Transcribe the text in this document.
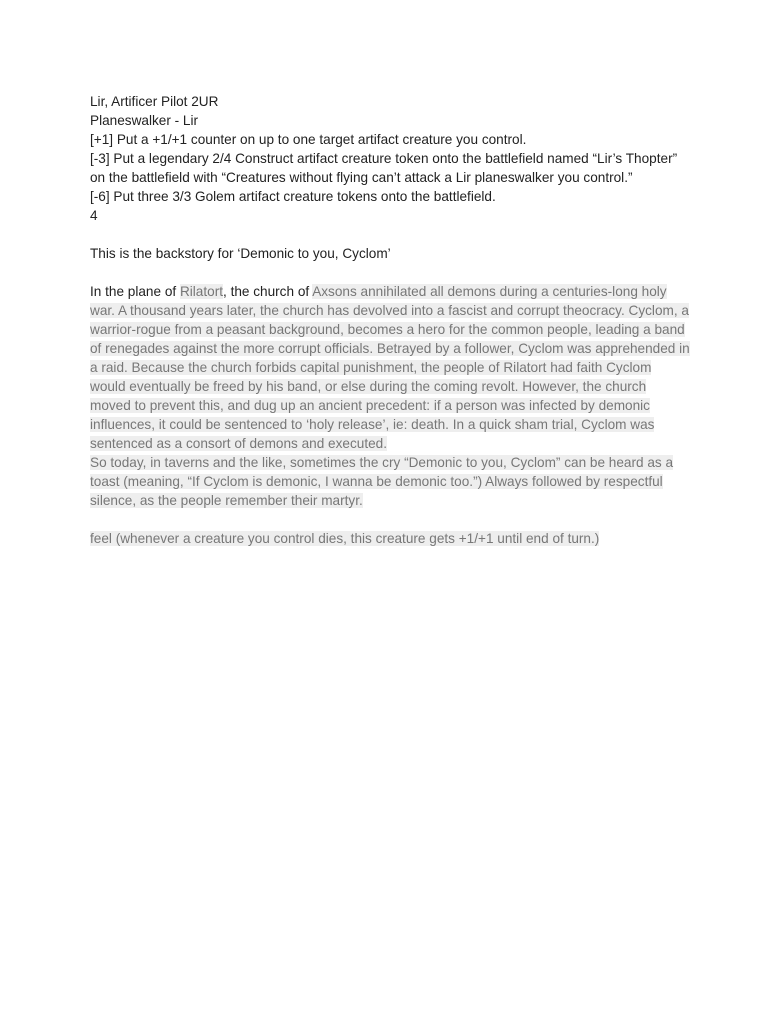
Lir, Artificer Pilot 2UR
Planeswalker - Lir
[+1] Put a +1/+1 counter on up to one target artifact creature you control.
[-3] Put a legendary 2/4 Construct artifact creature token onto the battlefield named “Lir’s Thopter” on the battlefield with “Creatures without flying can’t attack a Lir planeswalker you control.”
[-6] Put three 3/3 Golem artifact creature tokens onto the battlefield.
4
This is the backstory for ‘Demonic to you, Cyclom’
In the plane of Rilatort, the church of Axsons annihilated all demons during a centuries-long holy war. A thousand years later, the church has devolved into a fascist and corrupt theocracy. Cyclom, a warrior-rogue from a peasant background, becomes a hero for the common people, leading a band of renegades against the more corrupt officials. Betrayed by a follower, Cyclom was apprehended in a raid. Because the church forbids capital punishment, the people of Rilatort had faith Cyclom would eventually be freed by his band, or else during the coming revolt. However, the church moved to prevent this, and dug up an ancient precedent: if a person was infected by demonic influences, it could be sentenced to ‘holy release’, ie: death. In a quick sham trial, Cyclom was sentenced as a consort of demons and executed.
So today, in taverns and the like, sometimes the cry “Demonic to you, Cyclom” can be heard as a toast (meaning, “If Cyclom is demonic, I wanna be demonic too.”) Always followed by respectful silence, as the people remember their martyr.
feel (whenever a creature you control dies, this creature gets +1/+1 until end of turn.)
